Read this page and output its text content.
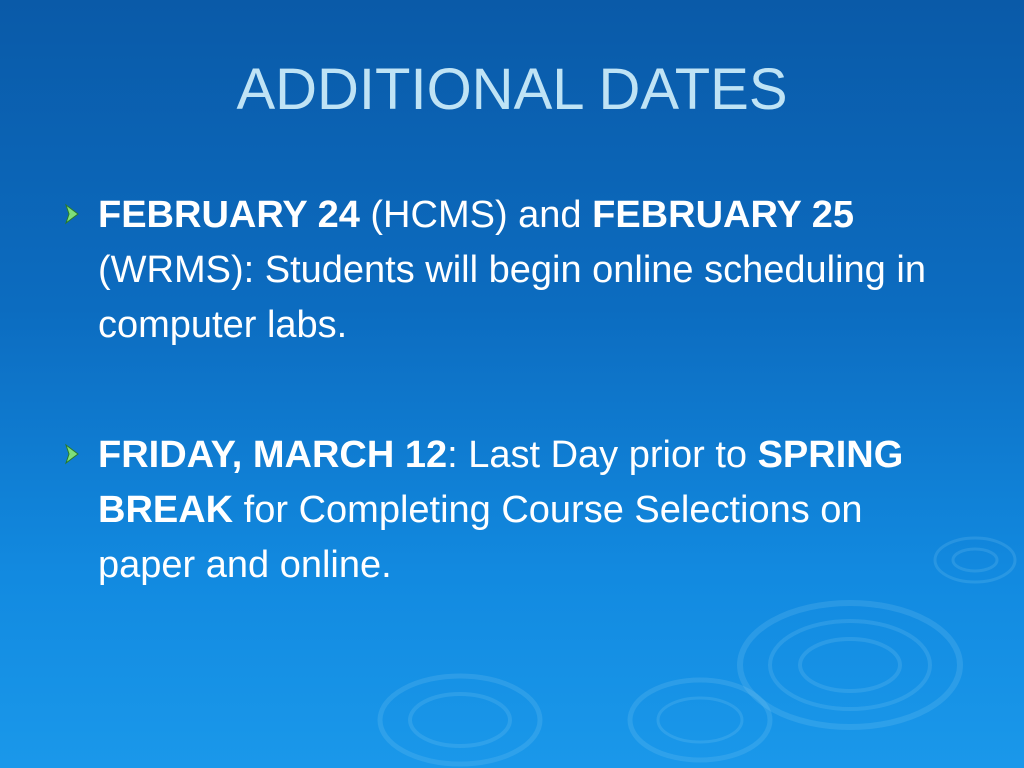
ADDITIONAL DATES
FEBRUARY 24 (HCMS) and FEBRUARY 25 (WRMS): Students will begin online scheduling in computer labs.
FRIDAY, MARCH 12: Last Day prior to SPRING BREAK for Completing Course Selections on paper and online.
